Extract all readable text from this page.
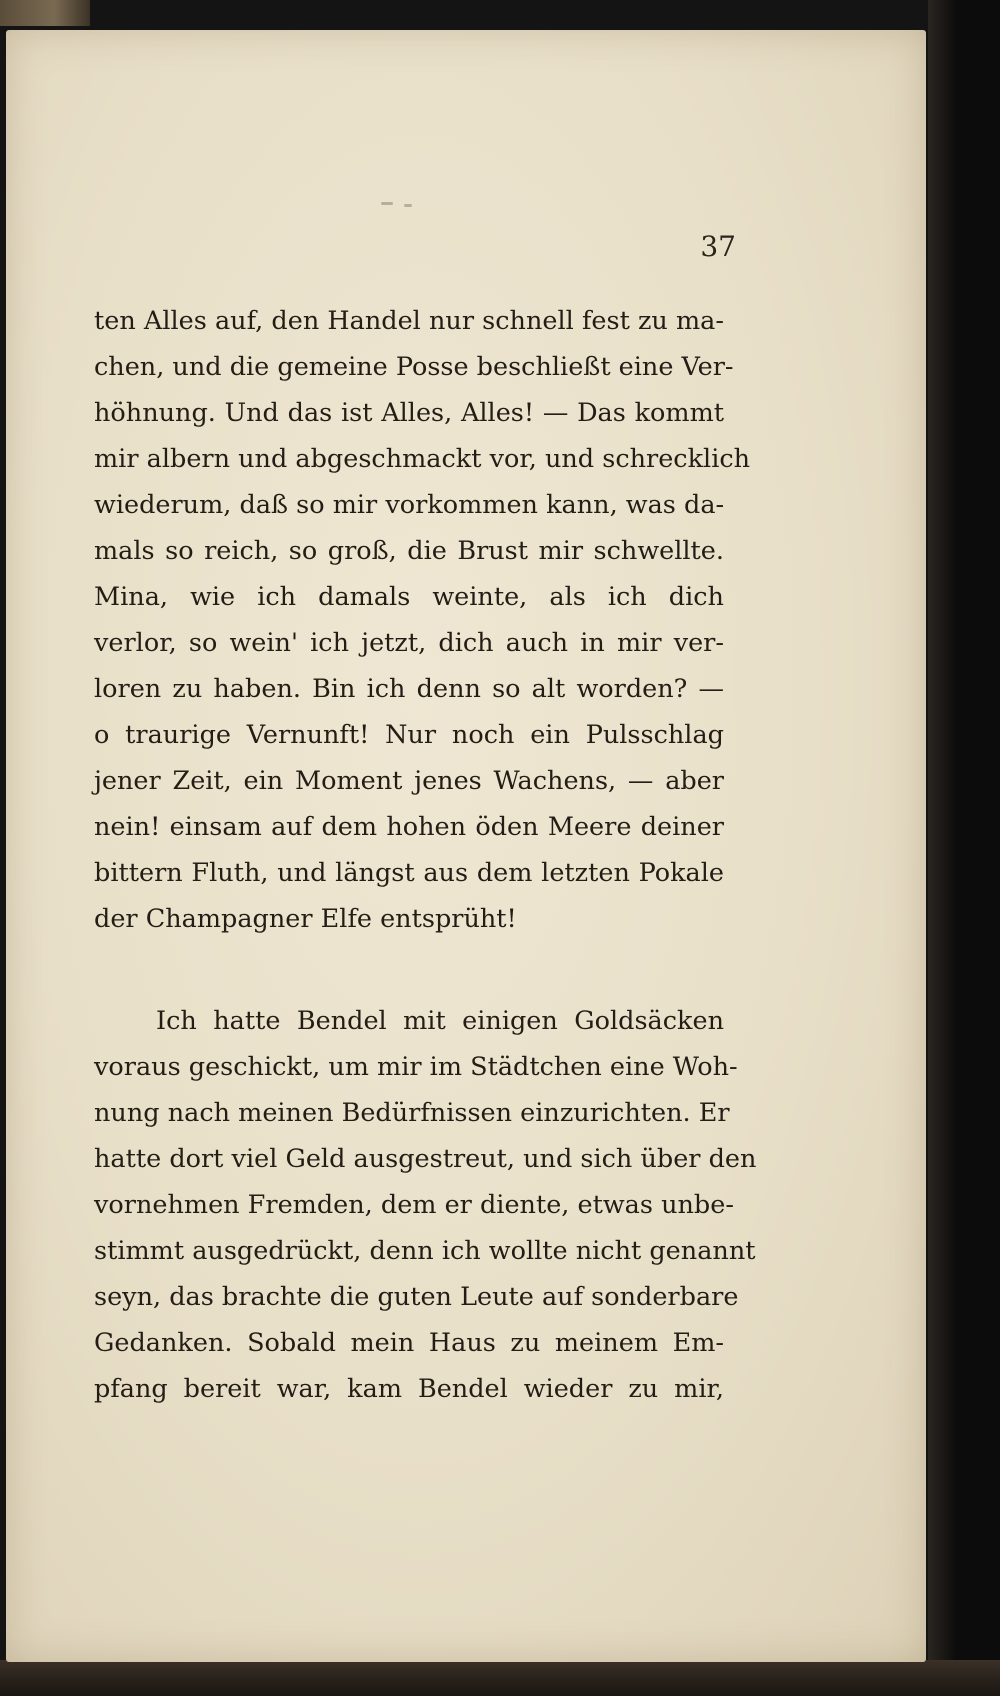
37
ten Alles auf, den Handel nur schnell fest zu ma-
chen, und die gemeine Posse beschließt eine Ver-
höhnung. Und das ist Alles, Alles! — Das kommt
mir albern und abgeschmackt vor, und schrecklich
wiederum, daß so mir vorkommen kann, was da-
mals so reich, so groß, die Brust mir schwellte.
Mina, wie ich damals weinte, als ich dich
verlor, so wein' ich jetzt, dich auch in mir ver-
loren zu haben. Bin ich denn so alt worden? —
o traurige Vernunft! Nur noch ein Pulsschlag
jener Zeit, ein Moment jenes Wachens, — aber
nein! einsam auf dem hohen öden Meere deiner
bittern Fluth, und längst aus dem letzten Pokale
der Champagner Elfe entsprüht!
Ich hatte Bendel mit einigen Goldsäcken
voraus geschickt, um mir im Städtchen eine Woh-
nung nach meinen Bedürfnissen einzurichten. Er
hatte dort viel Geld ausgestreut, und sich über den
vornehmen Fremden, dem er diente, etwas unbe-
stimmt ausgedrückt, denn ich wollte nicht genannt
seyn, das brachte die guten Leute auf sonderbare
Gedanken. Sobald mein Haus zu meinem Em-
pfang bereit war, kam Bendel wieder zu mir,
